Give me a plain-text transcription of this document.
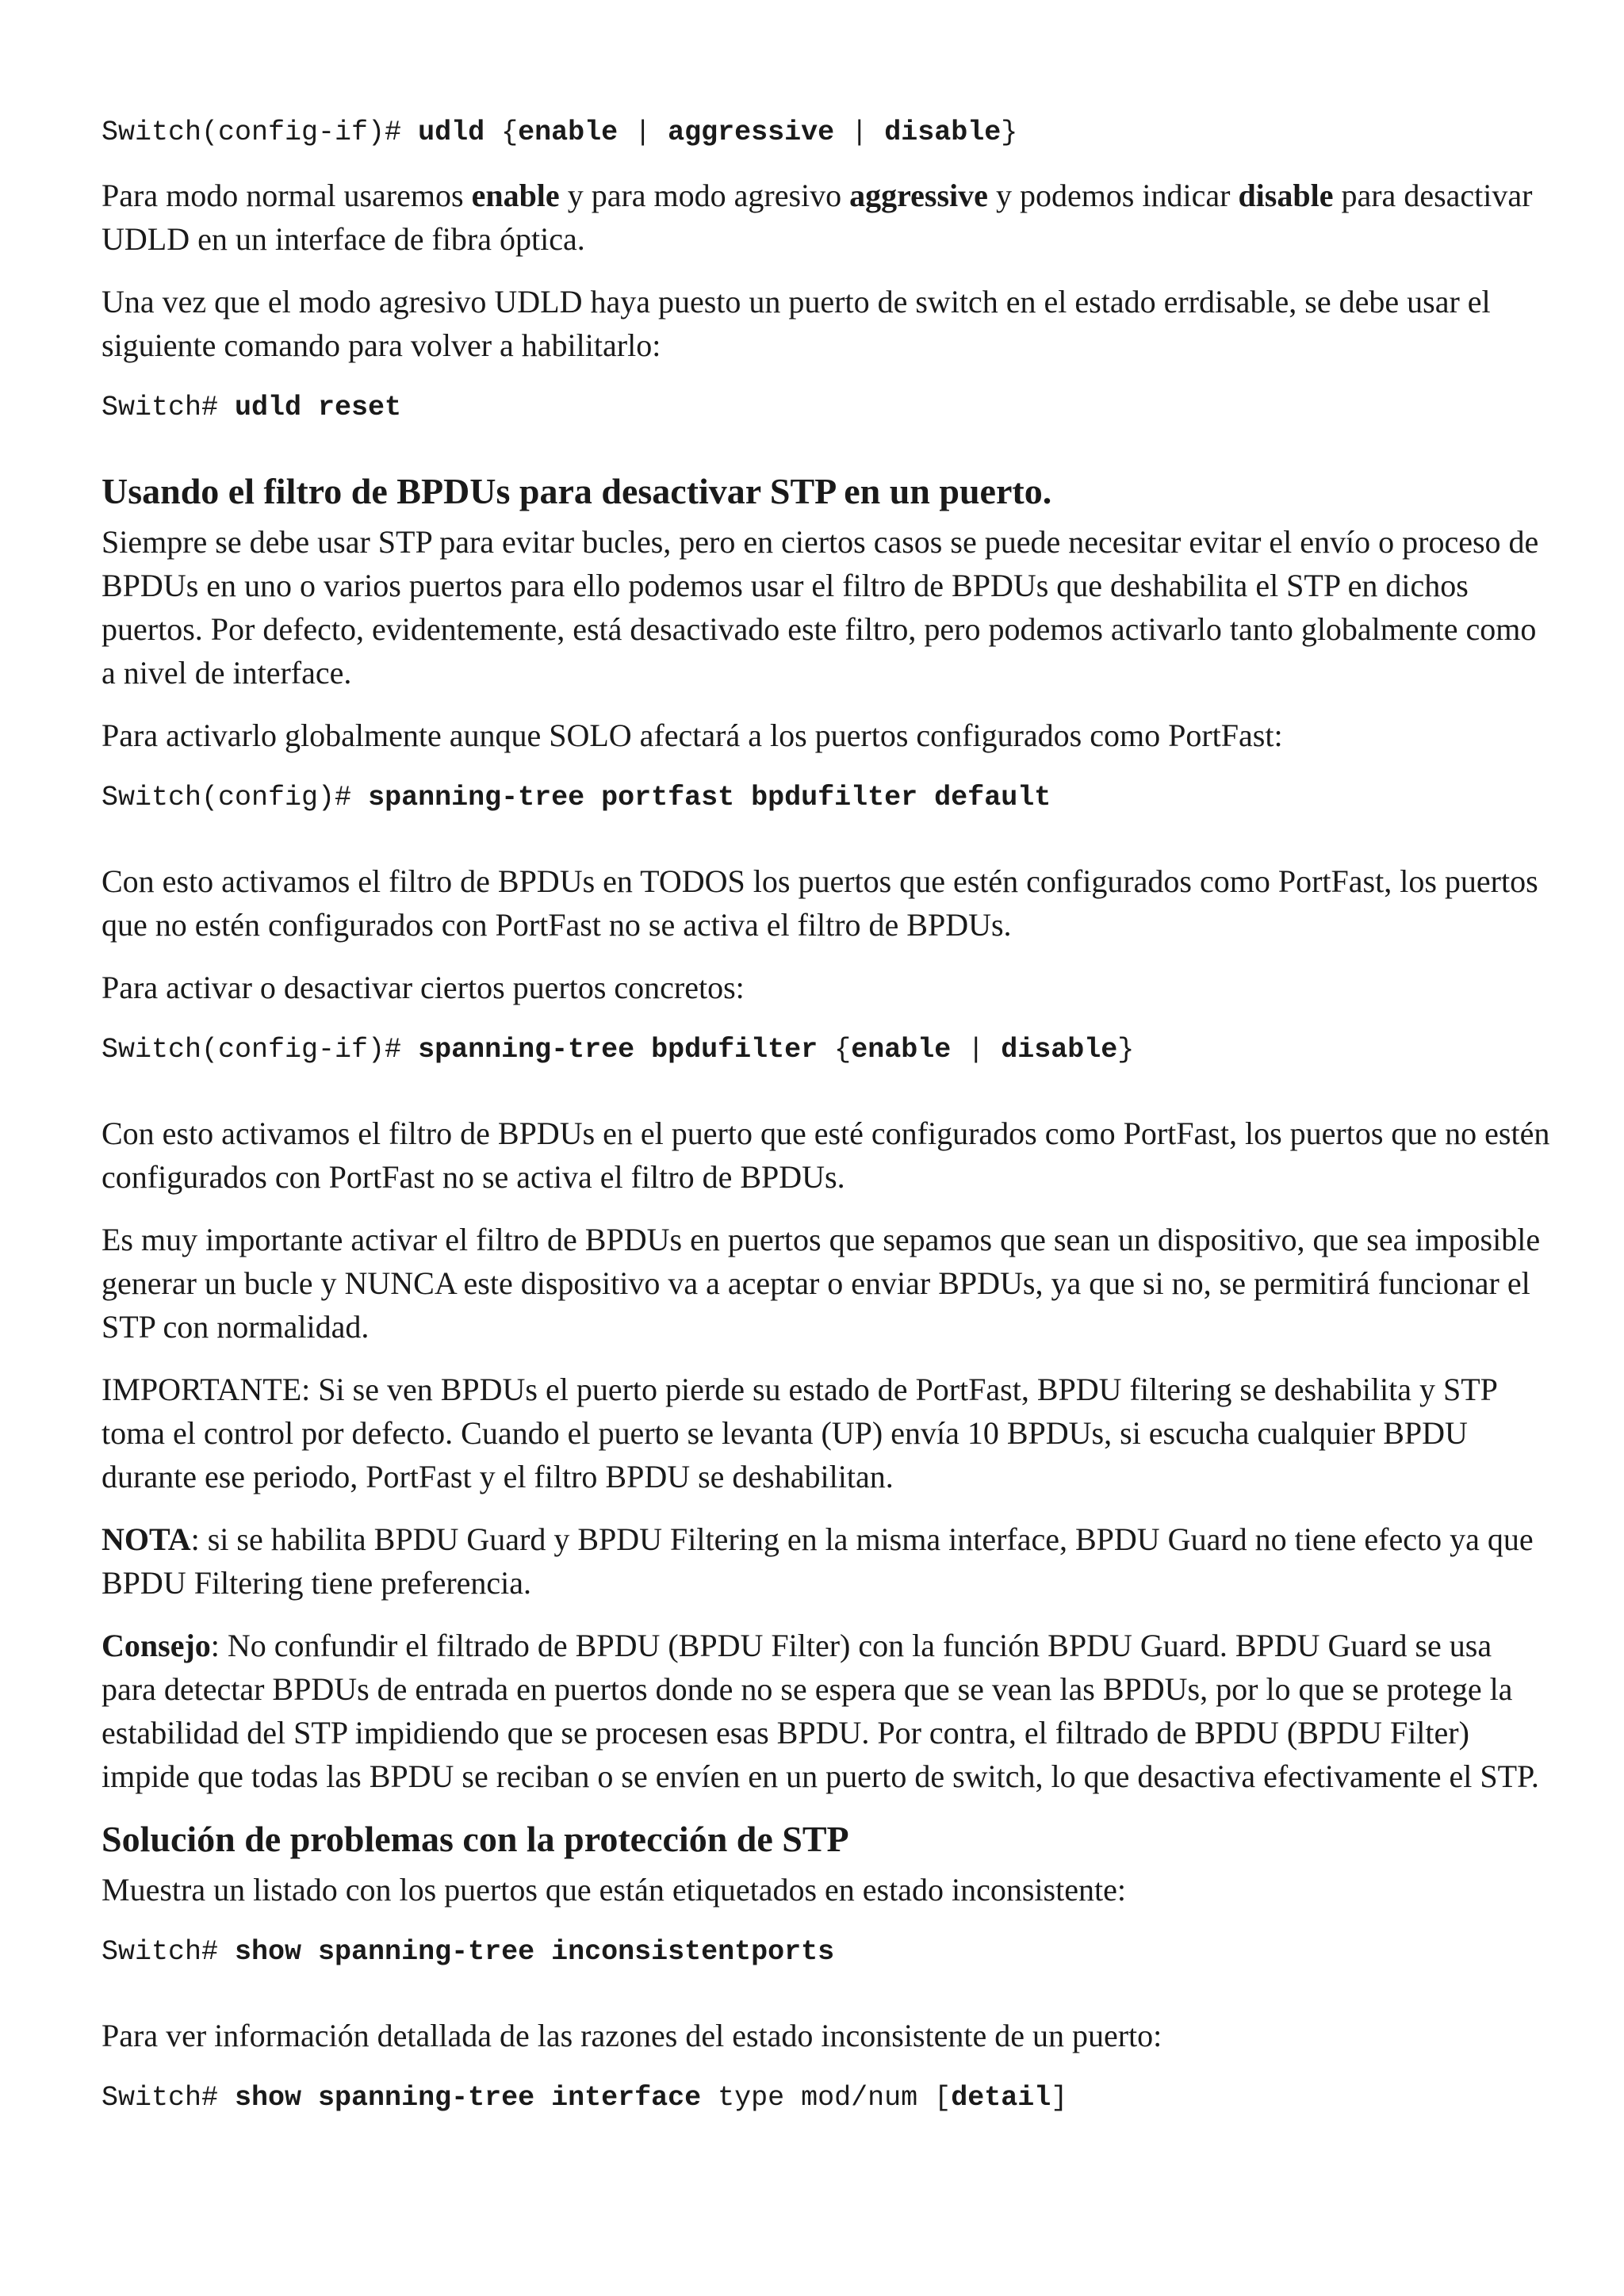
Switch(config-if)# udld {enable | aggressive | disable}
Para modo normal usaremos enable y para modo agresivo aggressive y podemos indicar disable para desactivar UDLD en un interface de fibra óptica.
Una vez que el modo agresivo UDLD haya puesto un puerto de switch en el estado errdisable, se debe usar el siguiente comando para volver a habilitarlo:
Switch# udld reset
Usando el filtro de BPDUs para desactivar STP en un puerto.
Siempre se debe usar STP para evitar bucles, pero en ciertos casos se puede necesitar evitar el envío o proceso de BPDUs en uno o varios puertos para ello podemos usar el filtro de BPDUs que deshabilita el STP en dichos puertos. Por defecto, evidentemente, está desactivado este filtro, pero podemos activarlo tanto globalmente como a nivel de interface.
Para activarlo globalmente aunque SOLO afectará a los puertos configurados como PortFast:
Switch(config)# spanning-tree portfast bpdufilter default
Con esto activamos el filtro de BPDUs en TODOS los puertos que estén configurados como PortFast, los puertos que no estén configurados con PortFast no se activa el filtro de BPDUs.
Para activar o desactivar ciertos puertos concretos:
Switch(config-if)# spanning-tree bpdufilter {enable | disable}
Con esto activamos el filtro de BPDUs en el puerto que esté configurados como PortFast, los puertos que no estén configurados con PortFast no se activa el filtro de BPDUs.
Es muy importante activar el filtro de BPDUs en puertos que sepamos que sean un dispositivo, que sea imposible generar un bucle y NUNCA este dispositivo va a aceptar o enviar BPDUs, ya que si no, se permitirá funcionar el STP con normalidad.
IMPORTANTE: Si se ven BPDUs el puerto pierde su estado de PortFast, BPDU filtering se deshabilita y STP toma el control por defecto. Cuando el puerto se levanta (UP) envía 10 BPDUs, si escucha cualquier BPDU durante ese periodo, PortFast y el filtro BPDU se deshabilitan.
NOTA: si se habilita BPDU Guard y BPDU Filtering en la misma interface, BPDU Guard no tiene efecto ya que BPDU Filtering tiene preferencia.
Consejo: No confundir el filtrado de BPDU (BPDU Filter) con la función BPDU Guard. BPDU Guard se usa para detectar BPDUs de entrada en puertos donde no se espera que se vean las BPDUs, por lo que se protege la estabilidad del STP impidiendo que se procesen esas BPDU. Por contra, el filtrado de BPDU (BPDU Filter) impide que todas las BPDU se reciban o se envíen en un puerto de switch, lo que desactiva efectivamente el STP.
Solución de problemas con la protección de STP
Muestra un listado con los puertos que están etiquetados en estado inconsistente:
Switch# show spanning-tree inconsistentports
Para ver información detallada de las razones del estado inconsistente de un puerto:
Switch# show spanning-tree interface type mod/num [detail]
